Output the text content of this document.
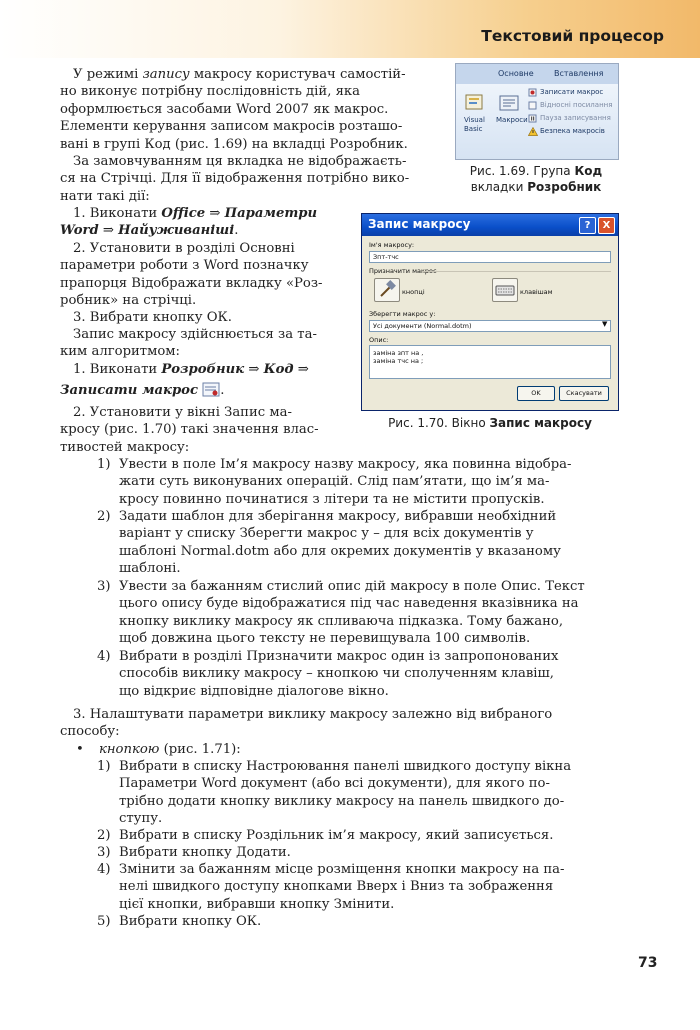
Текстовий процесор
Основне	Вставлення
Visual
Basic
Макроси
Записати макрос
Відносні посилання
Пауза записування
Безпека макросів
Рис. 1.69. Група Код
вкладки Розробник
Запис макросу	?	X
Ім'я макросу:
Зпт-тчс
Призначити макрос
кнопці	клавішам
Зберегти макрос у:
Усі документи (Normal.dotm)	▼
Опис:
заміна зпт на ,
заміна тчс на ;
OK	Скасувати
Рис. 1.70. Вікно Запис макросу
У режимі запису макросу користувач самостій-
но виконує потрібну послідовність дій, яка
оформлюється засобами Word 2007 як макрос.
Елементи керування записом макросів розташо-
вані в групі Код (рис. 1.69) на вкладці Розробник.
За замовчуванням ця вкладка не відображаєть-
ся на Стрічці. Для її відображення потрібно вико-
нати такі дії:
1. Виконати Office ⇒ Параметри
Word ⇒ Найуживаніші.
2. Установити в розділі Основні
параметри роботи з Word позначку
прапорця Відображати вкладку «Роз-
робник» на стрічці.
3. Вибрати кнопку ОК.
Запис макросу здійснюється за та-
ким алгоритмом:
1. Виконати Розробник ⇒ Код ⇒
Записати макрос .
2. Установити у вікні Запис ма-
кросу (рис. 1.70) такі значення влас-
тивостей макросу:
1) Увести в поле Ім’я макросу назву макросу, яка повинна відобра-
жати суть виконуваних операцій. Слід пам’ятати, що ім’я ма-
кросу повинно починатися з літери та не містити пропусків.
2) Задати шаблон для зберігання макросу, вибравши необхідний
варіант у списку Зберегти макрос у – для всіх документів у
шаблоні Normal.dotm або для окремих документів у вказаному
шаблоні.
3) Увести за бажанням стислий опис дій макросу в поле Опис. Текст
цього опису буде відображатися під час наведення вказівника на
кнопку виклику макросу як спливаюча підказка. Тому бажано,
щоб довжина цього тексту не перевищувала 100 символів.
4) Вибрати в розділі Призначити макрос один із запропонованих
способів виклику макросу – кнопкою чи сполученням клавіш,
що відкриє відповідне діалогове вікно.
3. Налаштувати параметри виклику макросу залежно від вибраного
способу:
• кнопкою (рис. 1.71):
1) Вибрати в списку Настроювання панелі швидкого доступу вікна
Параметри Word документ (або всі документи), для якого по-
трібно додати кнопку виклику макросу на панель швидкого до-
ступу.
2) Вибрати в списку Роздільник ім’я макросу, який записується.
3) Вибрати кнопку Додати.
4) Змінити за бажанням місце розміщення кнопки макросу на па-
нелі швидкого доступу кнопками Вверх і Вниз та зображення
цієї кнопки, вибравши кнопку Змінити.
5) Вибрати кнопку ОК.
73
